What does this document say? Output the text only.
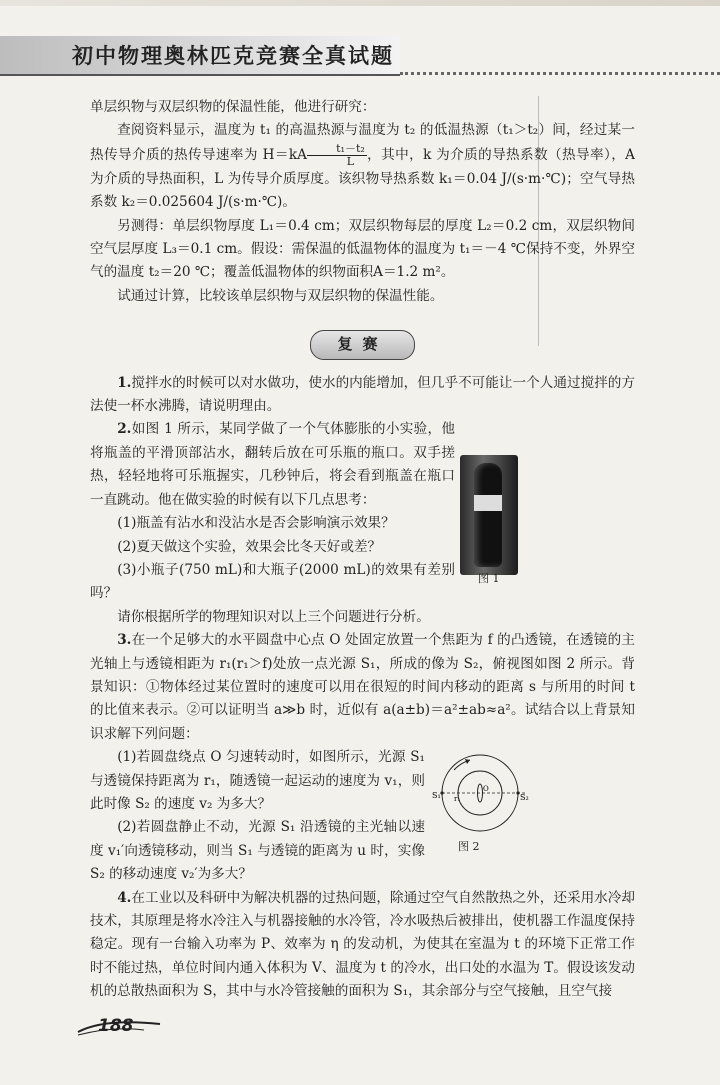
初中物理奥林匹克竞赛全真试题

单层织物与双层织物的保温性能，他进行研究：

查阅资料显示，温度为 t₁ 的高温热源与温度为 t₂ 的低温热源（t₁＞t₂）间，经过某一热传导介质的热传导速率为 $H=kA \frac{\text{t₁－t₂}}{L}$ ，其中，k 为介质的导热系数（热导率），A 为介质的导热面积，L 为传导介质厚度。该织物导热系数 k₁＝0.04 J/(s·m·℃)；空气导热系数 k₂＝0.025604 J/(s·m·℃)。

另测得：单层织物厚度 L₁＝0.4 cm；双层织物每层的厚度 L₂＝0.2 cm，双层织物间空气层厚度 L₃＝0.1 cm。假设：需保温的低温物体的温度为 t₁＝－4 ℃保持不变，外界空气的温度 t₂＝20 ℃；覆盖低温物体的织物面积A＝1.2 m²。

试通过计算，比较该单层织物与双层织物的保温性能。

复赛

1.搅拌水的时候可以对水做功，使水的内能增加，但几乎不可能让一个人通过搅拌的方法使一杯水沸腾，请说明理由。

2.如图 1 所示，某同学做了一个气体膨胀的小实验，他将瓶盖的平滑顶部沾水，翻转后放在可乐瓶的瓶口。双手搓热，轻轻地将可乐瓶握实，几秒钟后，将会看到瓶盖在瓶口一直跳动。他在做实验的时候有以下几点思考：

(1)瓶盖有沾水和没沾水是否会影响演示效果？

(2)夏天做这个实验，效果会比冬天好或差？

(3)小瓶子(750 mL)和大瓶子(2000 mL)的效果有差别吗？

请你根据所学的物理知识对以上三个问题进行分析。

3.在一个足够大的水平圆盘中心点 O 处固定放置一个焦距为 f 的凸透镜，在透镜的主光轴上与透镜相距为 r₁(r₁＞f)处放一点光源 S₁，所成的像为 S₂，俯视图如图 2 所示。背景知识：①物体经过某位置时的速度可以用在很短的时间内移动的距离 s 与所用的时间 t 的比值来表示。②可以证明当 a≫b 时，近似有 a(a±b)＝a²±ab≈a²。试结合以上背景知识求解下列问题：

(1)若圆盘绕点 O 匀速转动时，如图所示，光源 S₁ 与透镜保持距离为 r₁，随透镜一起运动的速度为 v₁，则此时像 S₂ 的速度 v₂ 为多大？

(2)若圆盘静止不动，光源 S₁ 沿透镜的主光轴以速度 v₁′向透镜移动，则当 S₁ 与透镜的距离为 u 时，实像 S₂ 的移动速度 v₂′为多大？

4.在工业以及科研中为解决机器的过热问题，除通过空气自然散热之外，还采用水冷却技术，其原理是将水冷注入与机器接触的水冷管，冷水吸热后被排出，使机器工作温度保持稳定。现有一台输入功率为 P、效率为 η 的发动机，为使其在室温为 t 的环境下正常工作时不能过热，单位时间内通入体积为 V、温度为 t 的冷水，出口处的水温为 T。假设该发动机的总散热面积为 S，其中与水冷管接触的面积为 S₁，其余部分与空气接触，且空气接

图 1
S₁ r₁
O
S₂
图 2
188
